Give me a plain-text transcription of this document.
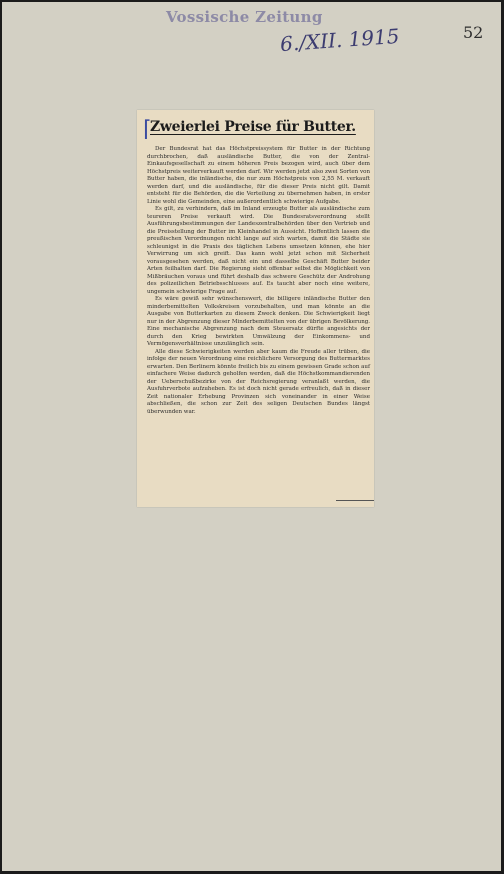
Vossische Zeitung
6./XII. 1915	52
⌈
Zweierlei Preise für Butter.

Der Bundesrat hat das Höchstpreissystem für Butter in der Richtung durchbrochen, daß ausländische Butter, die von der Zentral-Einkaufsgesellschaft zu einem höheren Preis bezogen wird, auch über dem Höchstpreis weiterverkauft werden darf. Wir werden jetzt also zwei Sorten von Butter haben, die inländische, die nur zum Höchstpreis von 2,55 M. verkauft werden darf, und die ausländische, für die dieser Preis nicht gilt. Damit entsteht für die Behörden, die die Verteilung zu übernehmen haben, in erster Linie wohl die Gemeinden, eine außerordentlich schwierige Aufgabe.

Es gilt, zu verhindern, daß im Inland erzeugte Butter als ausländische zum teureren Preise verkauft wird. Die Bundesratsverordnung stellt Ausführungsbestimmungen der Landeszentralbehörden über den Vertrieb und die Preisstellung der Butter im Kleinhandel in Aussicht. Hoffentlich lassen die preußischen Verordnungen nicht lange auf sich warten, damit die Städte sie schleunigst in die Praxis des täglichen Lebens umsetzen können, ehe hier Verwirrung um sich greift. Das kann wohl jetzt schon mit Sicherheit vorausgesehen werden, daß nicht ein und dasselbe Geschäft Butter beider Arten feilhalten darf. Die Regierung sieht offenbar selbst die Möglichkeit von Mißbräuchen voraus und führt deshalb das schwere Geschütz der Androhung des polizeilichen Betriebsschlusses auf. Es taucht aber noch eine weitere, ungemein schwierige Frage auf.

Es wäre gewiß sehr wünschenswert, die billigere inländische Butter den minderbemittelten Volkskreisen vorzubehalten, und man könnte an die Ausgabe von Butterkarten zu diesem Zweck denken. Die Schwierigkeit liegt nur in der Abgrenzung dieser Minderbemittelten von der übrigen Bevölkerung. Eine mechanische Abgrenzung nach dem Steuersatz dürfte angesichts der durch den Krieg bewirkten Umwälzung der Einkommens- und Vermögensverhältnisse unzulänglich sein.

Alle diese Schwierigkeiten werden aber kaum die Freude aller trüben, die infolge der neuen Verordnung eine reichlichere Versorgung des Buttermarktes erwarten. Den Berlinern könnte freilich bis zu einem gewissen Grade schon auf einfachere Weise dadurch geholfen werden, daß die Höchstkommandierenden der Ueberschußbezirke von der Reichsregierung veranlaßt werden, die Ausfuhrverbote aufzuheben. Es ist doch nicht gerade erfreulich, daß in dieser Zeit nationaler Erhebung Provinzen sich voneinander in einer Weise abschließen, die schon zur Zeit des seligen Deutschen Bundes längst überwunden war.
